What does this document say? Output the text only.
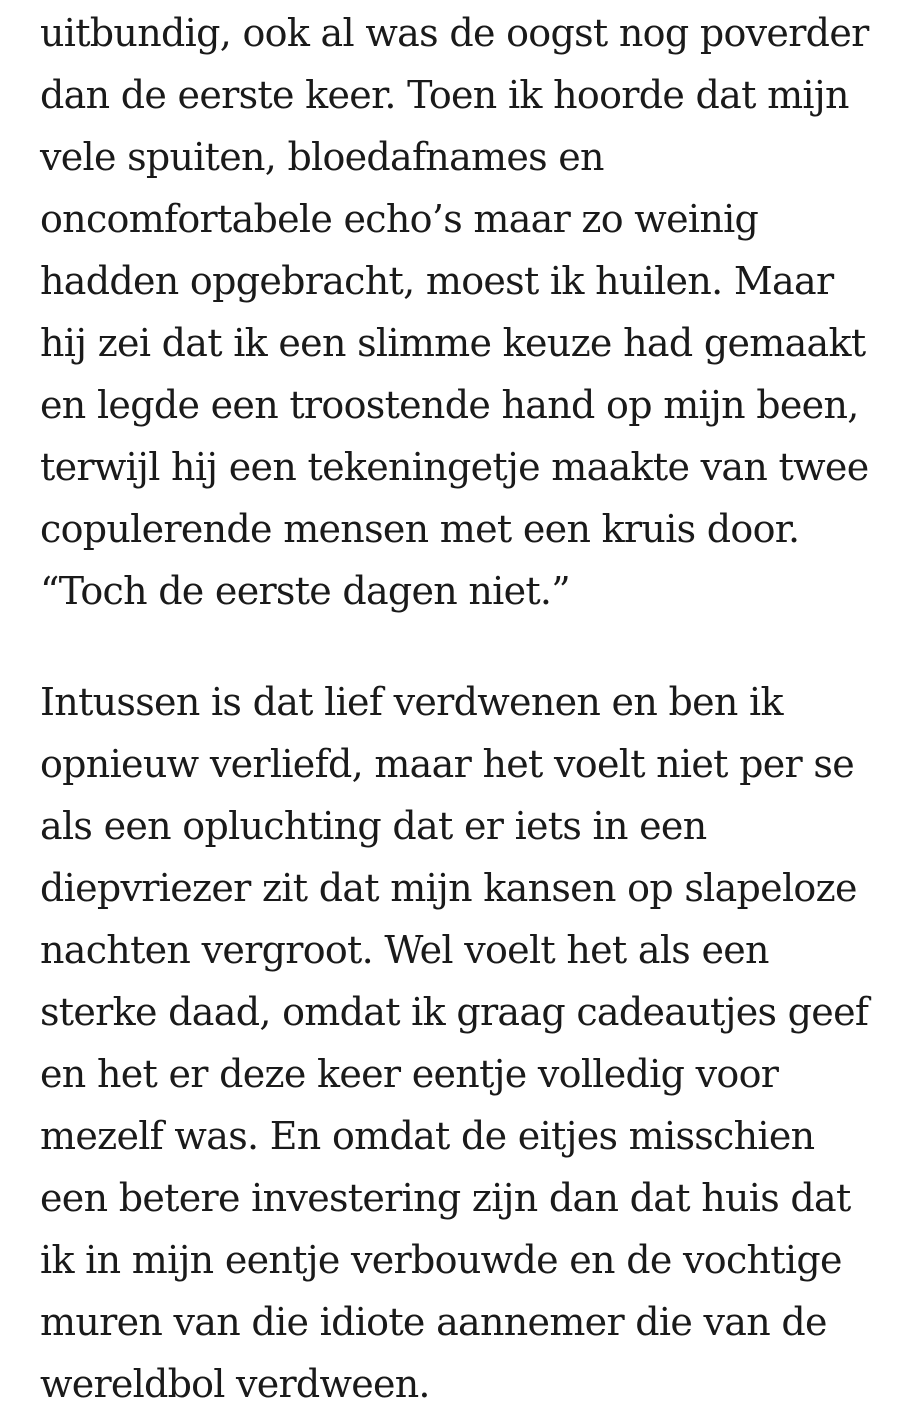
uitbundig, ook al was de oogst nog poverder
dan de eerste keer. Toen ik hoorde dat mijn
vele spuiten, bloedafnames en
oncomfortabele echo’s maar zo weinig
hadden opgebracht, moest ik huilen. Maar
hij zei dat ik een slimme keuze had gemaakt
en legde een troostende hand op mijn been,
terwijl hij een tekeningetje maakte van twee
copulerende mensen met een kruis door.
“Toch de eerste dagen niet.”
Intussen is dat lief verdwenen en ben ik
opnieuw verliefd, maar het voelt niet per se
als een opluchting dat er iets in een
diepvriezer zit dat mijn kansen op slapeloze
nachten vergroot. Wel voelt het als een
sterke daad, omdat ik graag cadeautjes geef
en het er deze keer eentje volledig voor
mezelf was. En omdat de eitjes misschien
een betere investering zijn dan dat huis dat
ik in mijn eentje verbouwde en de vochtige
muren van die idiote aannemer die van de
wereldbol verdween.
